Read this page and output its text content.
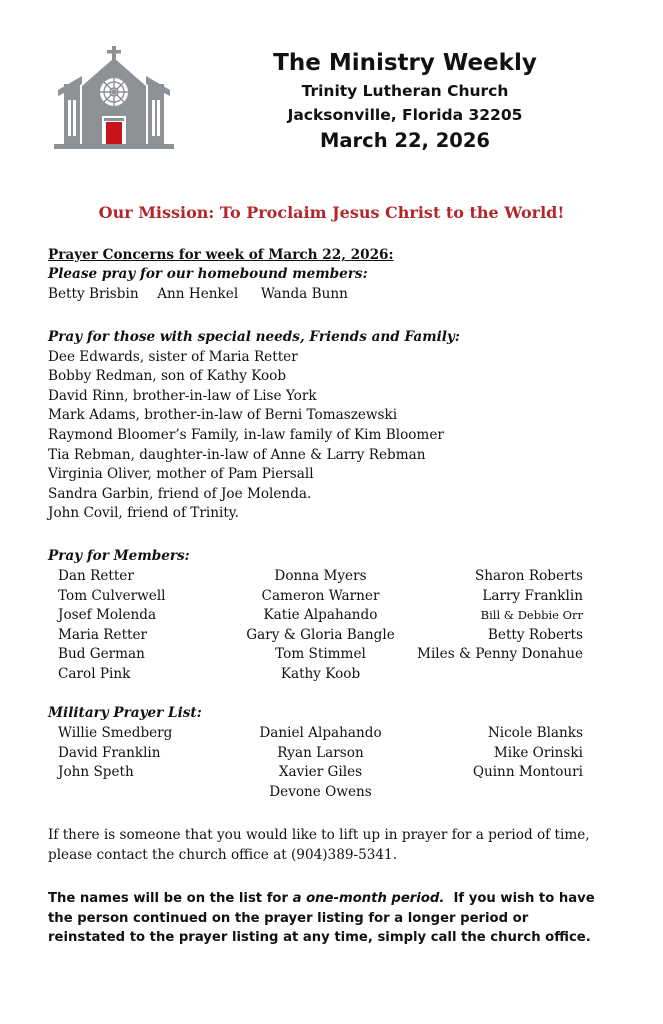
The Ministry Weekly
Trinity Lutheran Church
Jacksonville, Florida 32205
March 22, 2026
Our Mission: To Proclaim Jesus Christ to the World!
Prayer Concerns for week of March 22, 2026:
Please pray for our homebound members:
Betty Brisbin Ann Henkel Wanda Bunn
Pray for those with special needs, Friends and Family:
Dee Edwards, sister of Maria Retter
Bobby Redman, son of Kathy Koob
David Rinn, brother-in-law of Lise York
Mark Adams, brother-in-law of Berni Tomaszewski
Raymond Bloomer’s Family, in-law family of Kim Bloomer
Tia Rebman, daughter-in-law of Anne & Larry Rebman
Virginia Oliver, mother of Pam Piersall
Sandra Garbin, friend of Joe Molenda.
John Covil, friend of Trinity.
Pray for Members:
Dan Retter
Tom Culverwell
Josef Molenda
Maria Retter
Bud German
Carol Pink
Donna Myers
Cameron Warner
Katie Alpahando
Gary & Gloria Bangle
Tom Stimmel
Kathy Koob
Sharon Roberts
Larry Franklin
Bill & Debbie Orr
Betty Roberts
Miles & Penny Donahue
Military Prayer List:
Willie Smedberg
David Franklin
John Speth
Daniel Alpahando
Ryan Larson
Xavier Giles
Devone Owens
Nicole Blanks
Mike Orinski
Quinn Montouri
If there is someone that you would like to lift up in prayer for a period of time, please contact the church office at (904)389-5341.
The names will be on the list for a one-month period.  If you wish to have the person continued on the prayer listing for a longer period or reinstated to the prayer listing at any time, simply call the church office.
